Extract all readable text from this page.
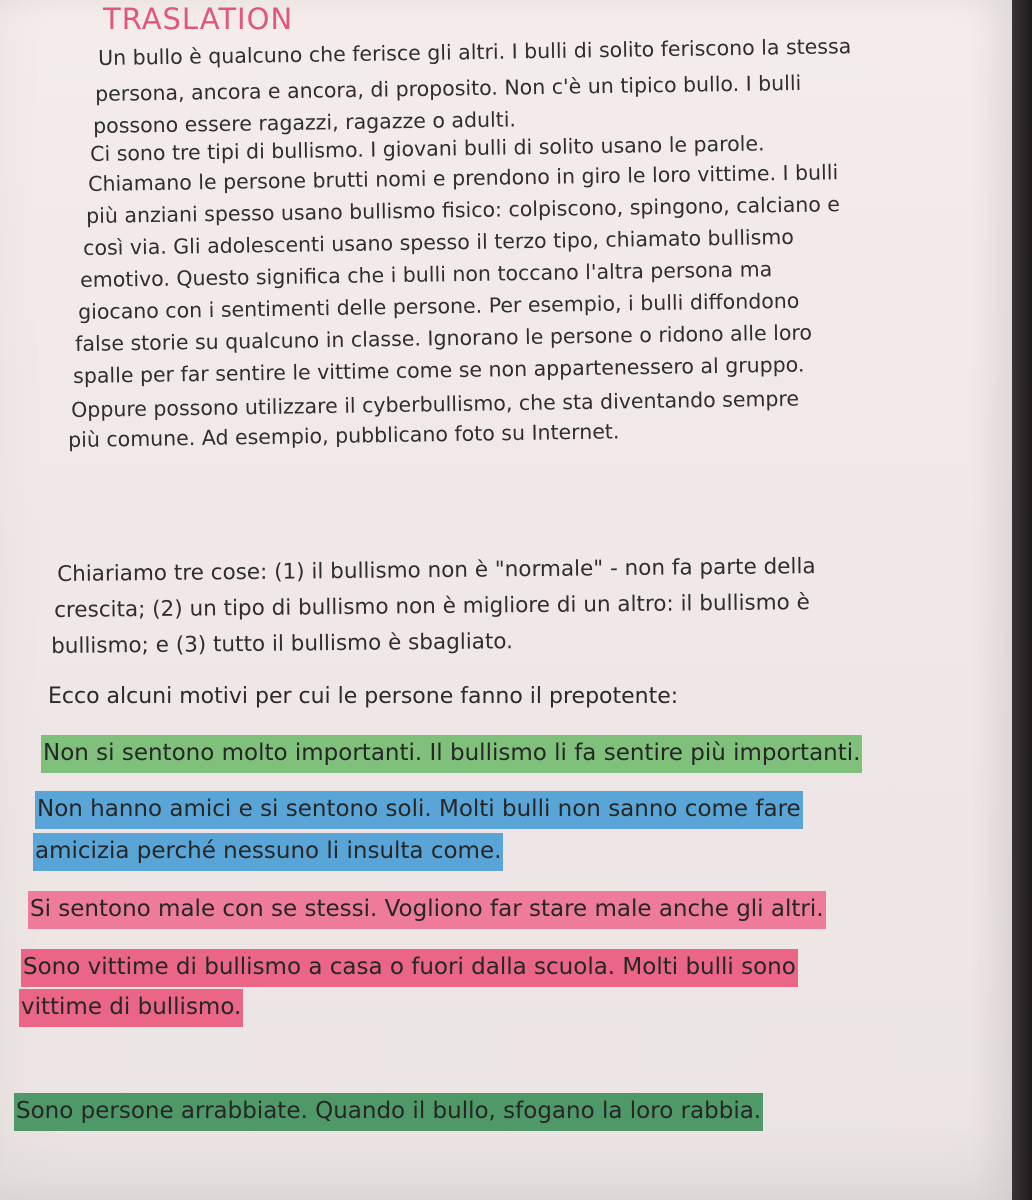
TRASLATION

Un bullo è qualcuno che ferisce gli altri. I bulli di solito feriscono la stessa

persona, ancora e ancora, di proposito. Non c'è un tipico bullo. I bulli

possono essere ragazzi, ragazze o adulti.

Ci sono tre tipi di bullismo. I giovani bulli di solito usano le parole.

Chiamano le persone brutti nomi e prendono in giro le loro vittime. I bulli

più anziani spesso usano bullismo fisico: colpiscono, spingono, calciano e

così via. Gli adolescenti usano spesso il terzo tipo, chiamato bullismo

emotivo. Questo significa che i bulli non toccano l'altra persona ma

giocano con i sentimenti delle persone. Per esempio, i bulli diffondono

false storie su qualcuno in classe. Ignorano le persone o ridono alle loro

spalle per far sentire le vittime come se non appartenessero al gruppo.

Oppure possono utilizzare il cyberbullismo, che sta diventando sempre

più comune. Ad esempio, pubblicano foto su Internet.

Chiariamo tre cose: (1) il bullismo non è "normale" - non fa parte della

crescita; (2) un tipo di bullismo non è migliore di un altro: il bullismo è

bullismo; e (3) tutto il bullismo è sbagliato.

Ecco alcuni motivi per cui le persone fanno il prepotente:

Non si sentono molto importanti. Il bullismo li fa sentire più importanti.

Non hanno amici e si sentono soli. Molti bulli non sanno come fare

amicizia perché nessuno li insulta come.

Si sentono male con se stessi. Vogliono far stare male anche gli altri.

Sono vittime di bullismo a casa o fuori dalla scuola. Molti bulli sono

vittime di bullismo.

Sono persone arrabbiate. Quando il bullo, sfogano la loro rabbia.
